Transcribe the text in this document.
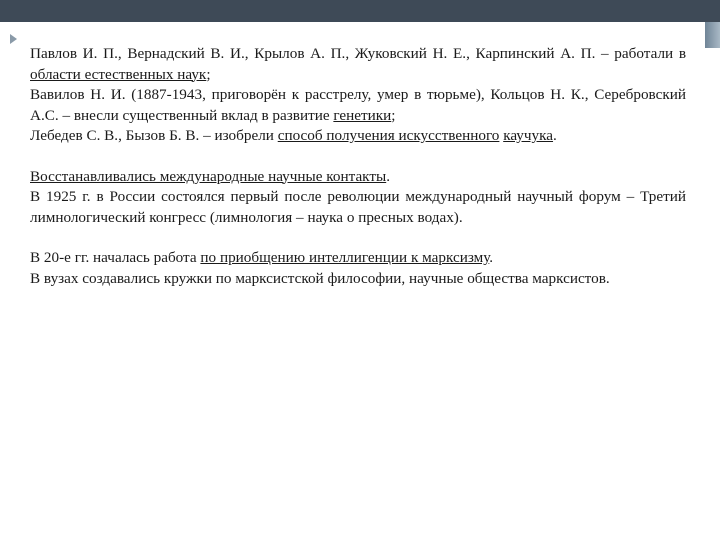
Павлов И. П., Вернадский В. И., Крылов А. П., Жуковский Н. Е., Карпинский А. П. – работали в области естественных наук;

Вавилов Н. И. (1887-1943, приговорён к расстрелу, умер в тюрьме), Кольцов Н. К., Серебровский А.С. – внесли существенный вклад в развитие генетики;

Лебедев С. В., Бызов Б. В. – изобрели способ получения искусственного каучука.

Восстанавливались международные научные контакты.

В 1925 г. в России состоялся первый после революции международный научный форум – Третий лимнологический конгресс (лимнология – наука о пресных водах).

В 20-е гг. началась работа по приобщению интеллигенции к марксизму.

В вузах создавались кружки по марксистской философии, научные общества марксистов.
